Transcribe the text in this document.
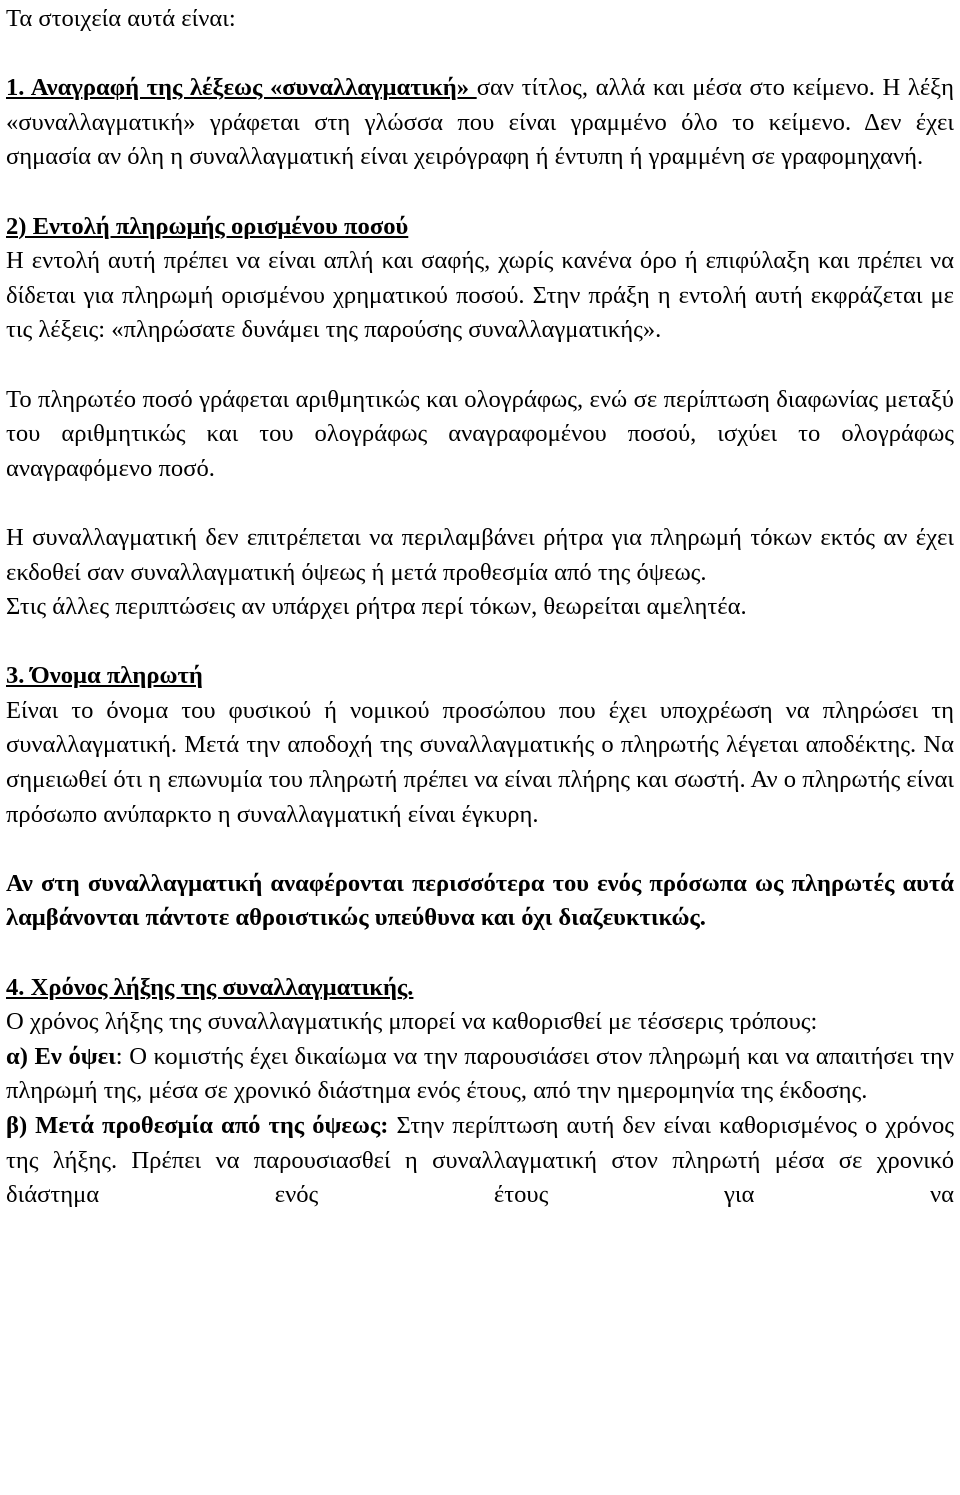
Τα στοιχεία αυτά είναι:

1. Αναγραφή της λέξεως «συναλλαγματική» σαν τίτλος, αλλά και μέσα στο κείμενο. Η λέξη «συναλλαγματική» γράφεται στη γλώσσα που είναι γραμμένο όλο το κείμενο. Δεν έχει σημασία αν όλη η συναλλαγματική είναι χειρόγραφη ή έντυπη ή γραμμένη σε γραφομηχανή.

2) Εντολή πληρωμής ορισμένου ποσού

Η εντολή αυτή πρέπει να είναι απλή και σαφής, χωρίς κανένα όρο ή επιφύλαξη και πρέπει να δίδεται για πληρωμή ορισμένου χρηματικού ποσού. Στην πράξη η εντολή αυτή εκφράζεται με τις λέξεις: «πληρώσατε δυνάμει της παρούσης συναλλαγματικής».

Το πληρωτέο ποσό γράφεται αριθμητικώς και ολογράφως, ενώ σε περίπτωση διαφωνίας μεταξύ του αριθμητικώς και του ολογράφως αναγραφομένου ποσού, ισχύει το ολογράφως αναγραφόμενο ποσό.

Η συναλλαγματική δεν επιτρέπεται να περιλαμβάνει ρήτρα για πληρωμή τόκων εκτός αν έχει εκδοθεί σαν συναλλαγματική όψεως ή μετά προθεσμία από της όψεως.

Στις άλλες περιπτώσεις αν υπάρχει ρήτρα περί τόκων, θεωρείται αμελητέα.

3. Όνομα πληρωτή

Είναι το όνομα του φυσικού ή νομικού προσώπου που έχει υποχρέωση να πληρώσει τη συναλλαγματική. Μετά την αποδοχή της συναλλαγματικής ο πληρωτής λέγεται αποδέκτης. Να σημειωθεί ότι η επωνυμία του πληρωτή πρέπει να είναι πλήρης και σωστή. Αν ο πληρωτής είναι πρόσωπο ανύπαρκτο η συναλλαγματική είναι έγκυρη.

Αν στη συναλλαγματική αναφέρονται περισσότερα του ενός πρόσωπα ως πληρωτές αυτά λαμβάνονται πάντοτε αθροιστικώς υπεύθυνα και όχι διαζευκτικώς.

4. Χρόνος λήξης της συναλλαγματικής.

Ο χρόνος λήξης της συναλλαγματικής μπορεί να καθορισθεί με τέσσερις τρόπους:

α) Εν όψει: Ο κομιστής έχει δικαίωμα να την παρουσιάσει στον πληρωμή και να απαιτήσει την πληρωμή της, μέσα σε χρονικό διάστημα ενός έτους, από την ημερομηνία της έκδοσης.

β) Μετά προθεσμία από της όψεως: Στην περίπτωση αυτή δεν είναι καθορισμένος ο χρόνος της λήξης. Πρέπει να παρουσιασθεί η συναλλαγματική στον πληρωτή μέσα σε χρονικό διάστημα ενός έτους για να
